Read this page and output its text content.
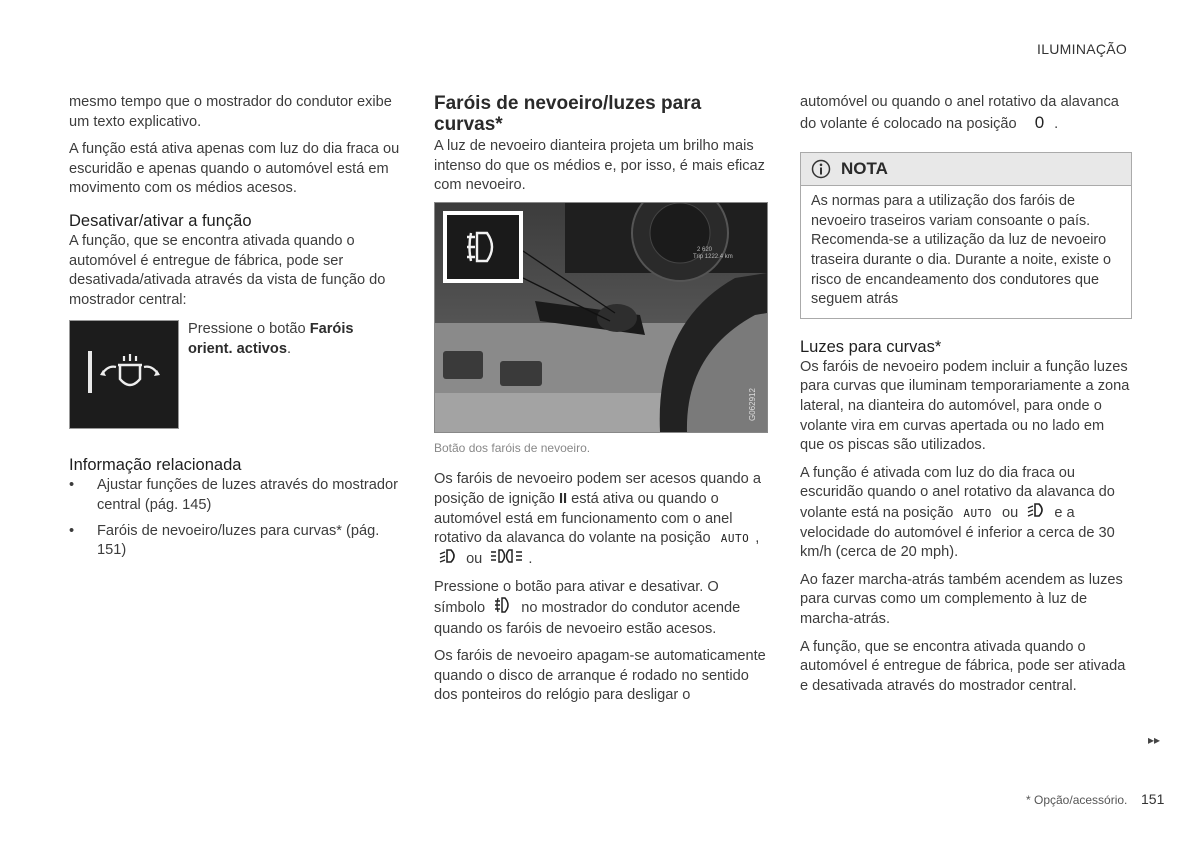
ILUMINAÇÃO

mesmo tempo que o mostrador do condutor exibe um texto explicativo.

A função está ativa apenas com luz do dia fraca ou escuridão e apenas quando o automóvel está em movimento com os médios acesos.

Desativar/ativar a função

A função, que se encontra ativada quando o automóvel é entregue de fábrica, pode ser desativada/ativada através da vista de função do mostrador central:

Pressione o botão Faróis orient. activos.
Informação relacionada
• Ajustar funções de luzes através do mostrador central (pág. 145)
• Faróis de nevoeiro/luzes para curvas* (pág. 151)
Faróis de nevoeiro/luzes para curvas*

A luz de nevoeiro dianteira projeta um brilho mais intenso do que os médios e, por isso, é mais eficaz com nevoeiro.

G062912
Trip 1222.4 km
2 620
Botão dos faróis de nevoeiro.

Os faróis de nevoeiro podem ser acesos quando a posição de ignição II está ativa ou quando o automóvel está em funcionamento com o anel rotativo da alavanca do volante na posição AUTO ,
ou	.

Pressione o botão para ativar e desativar. O símbolo no mostrador do condutor acende quando os faróis de nevoeiro estão acesos.

Os faróis de nevoeiro apagam-se automaticamente quando o disco de arranque é rodado no sentido dos ponteiros do relógio para desligar o

automóvel ou quando o anel rotativo da alavanca do volante é colocado na posição 0 .

NOTA
As normas para a utilização dos faróis de nevoeiro traseiros variam consoante o país. Recomenda-se a utilização da luz de nevoeiro traseira durante o dia. Durante a noite, existe o risco de encandeamento dos condutores que seguem atrás
Luzes para curvas*

Os faróis de nevoeiro podem incluir a função luzes para curvas que iluminam temporariamente a zona lateral, na dianteira do automóvel, para onde o volante vira em curvas apertada ou no lado em que os piscas são utilizados.

A função é ativada com luz do dia fraca ou escuridão quando o anel rotativo da alavanca do volante está na posição AUTO ou e a velocidade do automóvel é inferior a cerca de 30 km/h (cerca de 20 mph).

Ao fazer marcha-atrás também acendem as luzes para curvas como um complemento à luz de marcha-atrás.

A função, que se encontra ativada quando o automóvel é entregue de fábrica, pode ser ativada e desativada através do mostrador central.

▸▸
* Opção/acessório. 151
